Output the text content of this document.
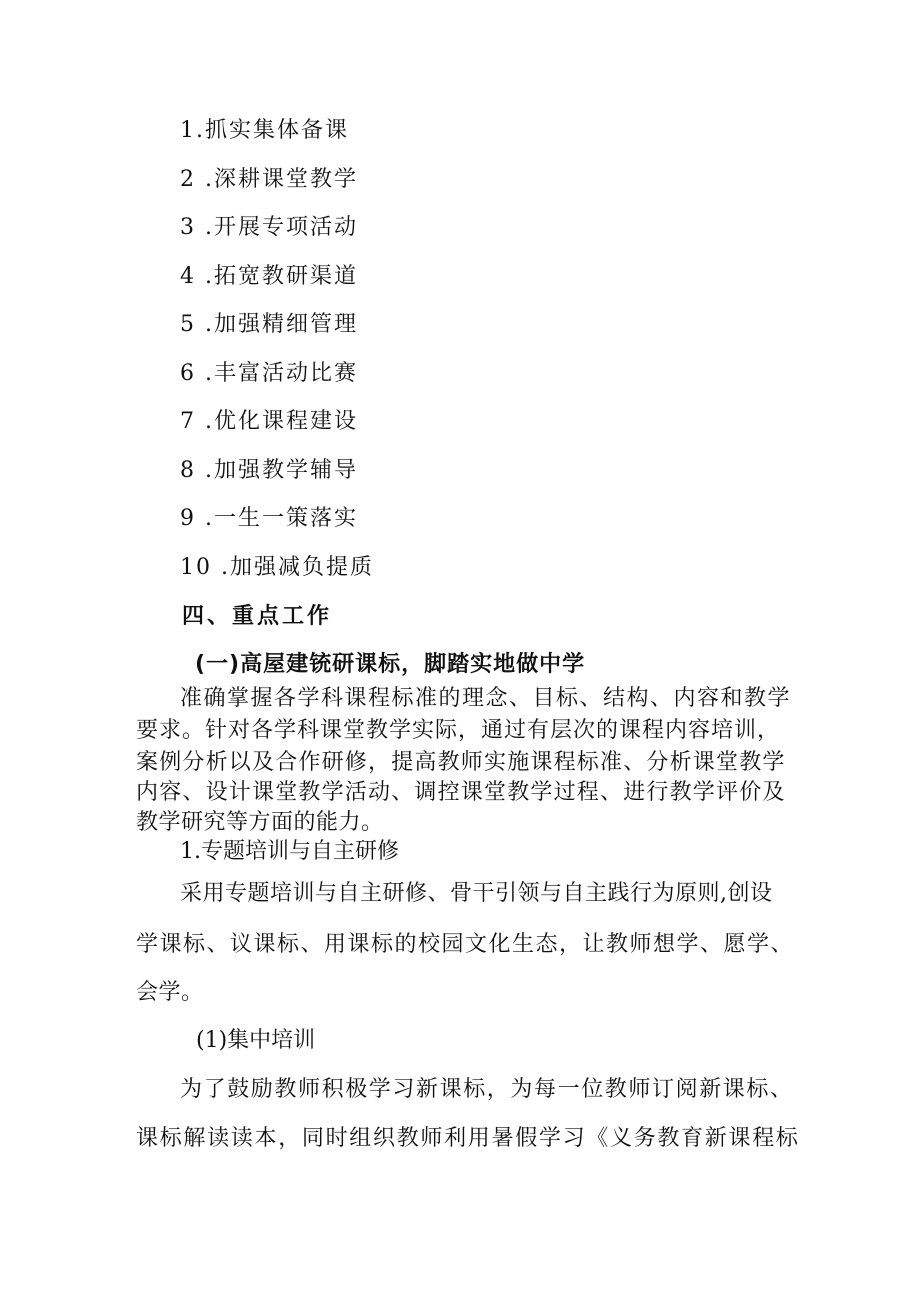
1.抓实集体备课
2 .深耕课堂教学
3 .开展专项活动
4 .拓宽教研渠道
5 .加强精细管理
6 .丰富活动比赛
7 .优化课程建设
8 .加强教学辅导
9 .一生一策落实
10 .加强减负提质
四、重点工作
(一)高屋建铳研课标，脚踏实地做中学
准确掌握各学科课程标准的理念、目标、结构、内容和教学
要求。针对各学科课堂教学实际，通过有层次的课程内容培训，
案例分析以及合作研修，提高教师实施课程标准、分析课堂教学
内容、设计课堂教学活动、调控课堂教学过程、进行教学评价及
教学研究等方面的能力。
1.专题培训与自主研修
采用专题培训与自主研修、骨干引领与自主践行为原则,创设
学课标、议课标、用课标的校园文化生态，让教师想学、愿学、
会学。
(1)集中培训
为了鼓励教师积极学习新课标，为每一位教师订阅新课标、
课标解读读本，同时组织教师利用暑假学习《义务教育新课程标
